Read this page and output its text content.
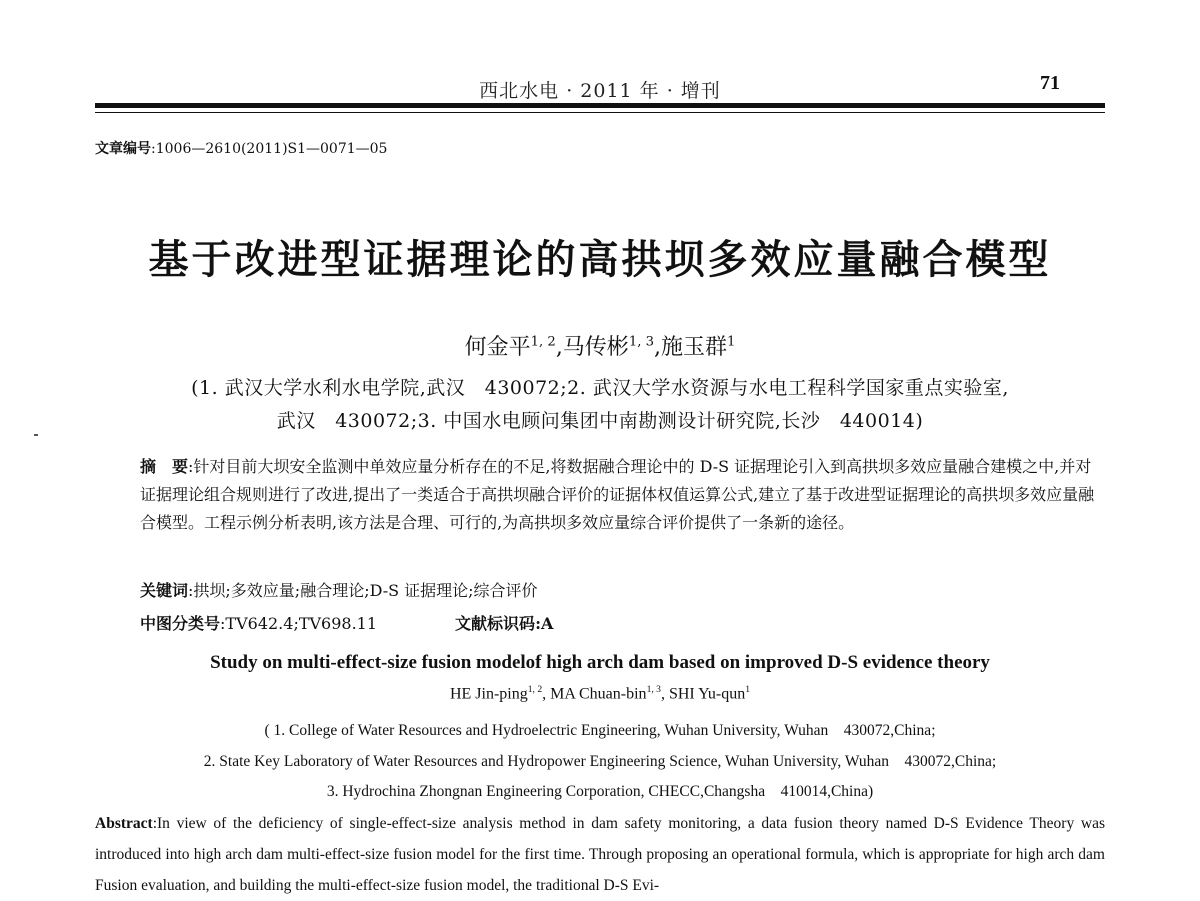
西北水电 · 2011 年 · 增刊	71
文章编号:1006—2610(2011)S1—0071—05
基于改进型证据理论的高拱坝多效应量融合模型
何金平$^{1, 2}$,马传彬$^{1, 3}$,施玉群$^1$
(1. 武汉大学水利水电学院,武汉　430072;2. 武汉大学水资源与水电工程科学国家重点实验室,
武汉　430072;3. 中国水电顾问集团中南勘测设计研究院,长沙　440014)
摘　要:针对目前大坝安全监测中单效应量分析存在的不足,将数据融合理论中的 D-S 证据理论引入到高拱坝多效应量融合建模之中,并对证据理论组合规则进行了改进,提出了一类适合于高拱坝融合评价的证据体权值运算公式,建立了基于改进型证据理论的高拱坝多效应量融合模型。工程示例分析表明,该方法是合理、可行的,为高拱坝多效应量综合评价提供了一条新的途径。
关键词:拱坝;多效应量;融合理论;D-S 证据理论;综合评价
中图分类号:TV642.4;TV698.11	文献标识码:A
Study on multi-effect-size fusion modelof high arch dam based on improved D-S evidence theory
HE Jin-ping$^{1, 2}$, MA Chuan-bin$^{1, 3}$, SHI Yu-qun$^1$
( 1. College of Water Resources and Hydroelectric Engineering, Wuhan University, Wuhan　430072,China;
2. State Key Laboratory of Water Resources and Hydropower Engineering Science, Wuhan University, Wuhan　430072,China;
3. Hydrochina Zhongnan Engineering Corporation, CHECC,Changsha　410014,China)
Abstract:In view of the deficiency of single-effect-size analysis method in dam safety monitoring, a data fusion theory named D-S Evidence Theory was introduced into high arch dam multi-effect-size fusion model for the first time. Through proposing an operational formula, which is appropriate for high arch dam Fusion evaluation, and building the multi-effect-size fusion model, the traditional D-S Evi-
